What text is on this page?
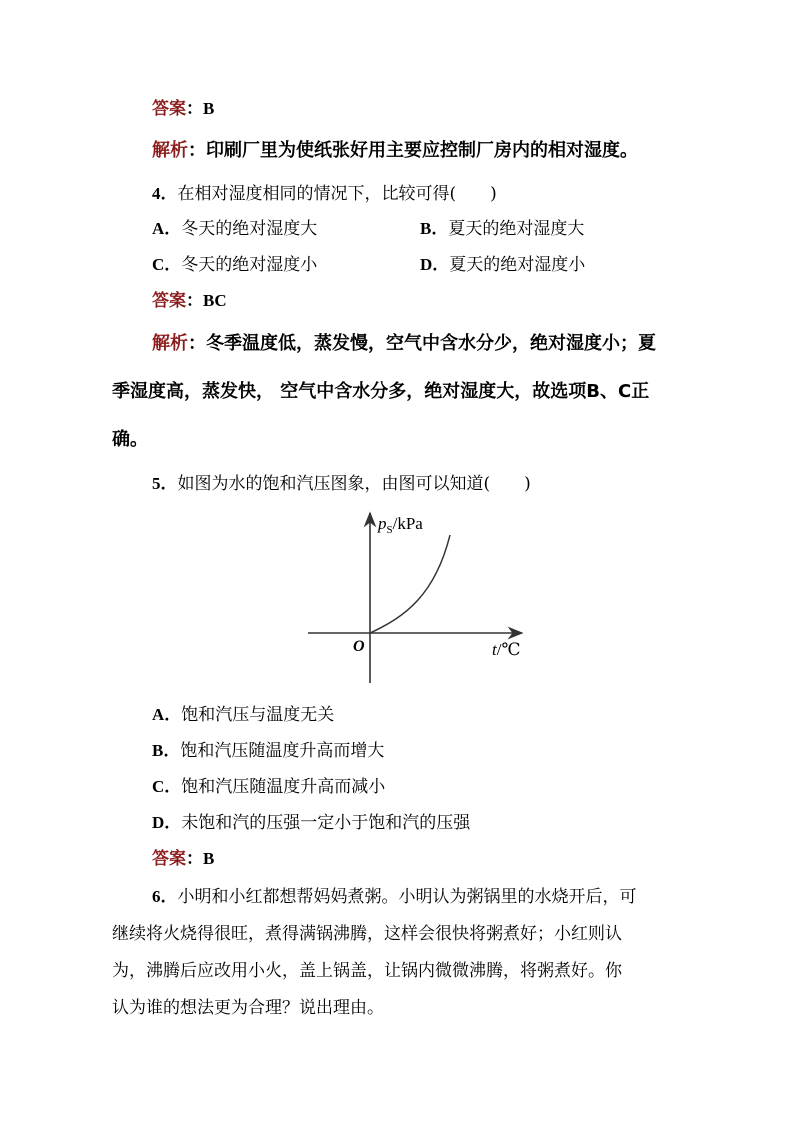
答案：B
解析：印刷厂里为使纸张好用主要应控制厂房内的相对湿度。
4．在相对湿度相同的情况下，比较可得(　　)
A．冬天的绝对湿度大	B．夏天的绝对湿度大
C．冬天的绝对湿度小	D．夏天的绝对湿度小
答案：BC
解析：冬季温度低，蒸发慢，空气中含水分少，绝对湿度小；夏
季湿度高，蒸发快， 空气中含水分多，绝对湿度大，故选项B、C正
确。
5．如图为水的饱和汽压图象，由图可以知道(　　)
$p_S$/kPa
O	t/℃
A．饱和汽压与温度无关
B．饱和汽压随温度升高而增大
C．饱和汽压随温度升高而减小
D．未饱和汽的压强一定小于饱和汽的压强
答案：B
6．小明和小红都想帮妈妈煮粥。小明认为粥锅里的水烧开后，可
继续将火烧得很旺，煮得满锅沸腾，这样会很快将粥煮好；小红则认
为，沸腾后应改用小火，盖上锅盖，让锅内微微沸腾，将粥煮好。你
认为谁的想法更为合理？说出理由。
